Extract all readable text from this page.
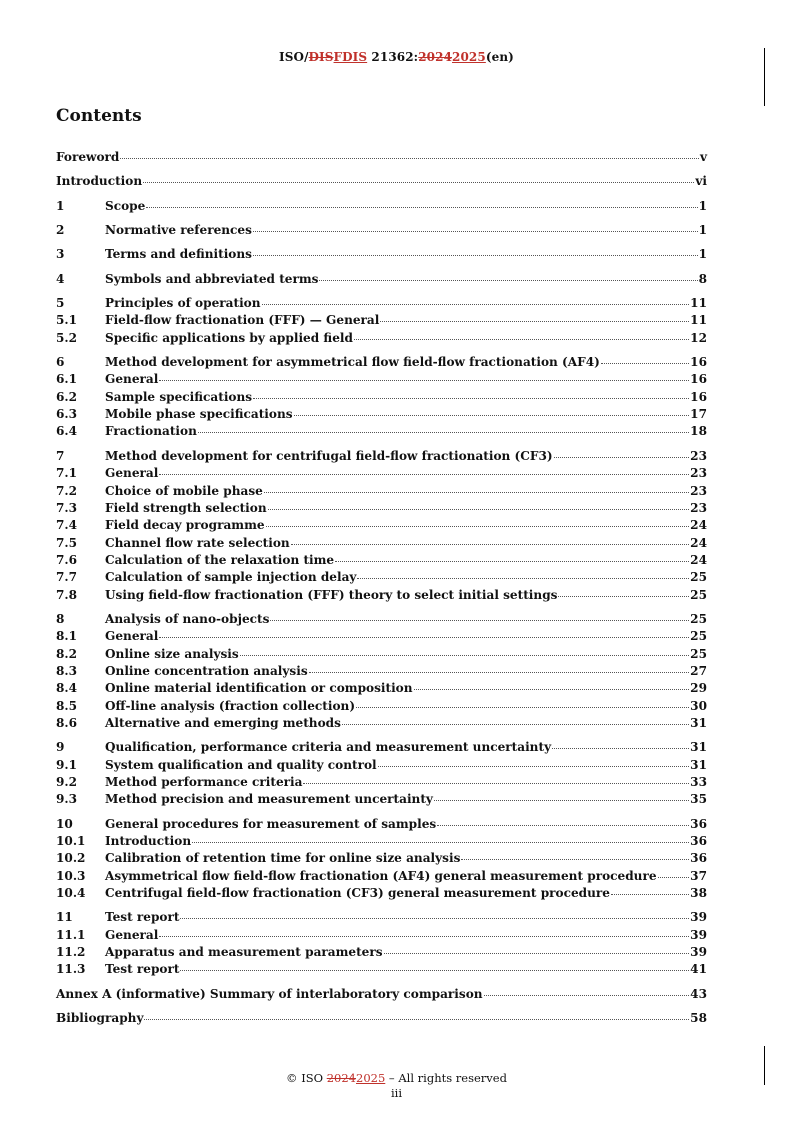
ISO/DISFDIS 21362:20242025(en)
Contents
Foreword	v
Introduction	vi
1	Scope	1
2	Normative references	1
3	Terms and definitions	1
4	Symbols and abbreviated terms	8
5	Principles of operation	11
5.1	Field-flow fractionation (FFF) — General	11
5.2	Specific applications by applied field	12
6	Method development for asymmetrical flow field-flow fractionation (AF4)	16
6.1	General	16
6.2	Sample specifications	16
6.3	Mobile phase specifications	17
6.4	Fractionation	18
7	Method development for centrifugal field-flow fractionation (CF3)	23
7.1	General	23
7.2	Choice of mobile phase	23
7.3	Field strength selection	23
7.4	Field decay programme	24
7.5	Channel flow rate selection	24
7.6	Calculation of the relaxation time	24
7.7	Calculation of sample injection delay	25
7.8	Using field-flow fractionation (FFF) theory to select initial settings	25
8	Analysis of nano-objects	25
8.1	General	25
8.2	Online size analysis	25
8.3	Online concentration analysis	27
8.4	Online material identification or composition	29
8.5	Off-line analysis (fraction collection)	30
8.6	Alternative and emerging methods	31
9	Qualification, performance criteria and measurement uncertainty	31
9.1	System qualification and quality control	31
9.2	Method performance criteria	33
9.3	Method precision and measurement uncertainty	35
10	General procedures for measurement of samples	36
10.1	Introduction	36
10.2	Calibration of retention time for online size analysis	36
10.3	Asymmetrical flow field-flow fractionation (AF4) general measurement procedure	37
10.4	Centrifugal field-flow fractionation (CF3) general measurement procedure	38
11	Test report	39
11.1	General	39
11.2	Apparatus and measurement parameters	39
11.3	Test report	41
Annex A (informative) Summary of interlaboratory comparison	43
Bibliography	58
© ISO 20242025 – All rights reserved
iii
